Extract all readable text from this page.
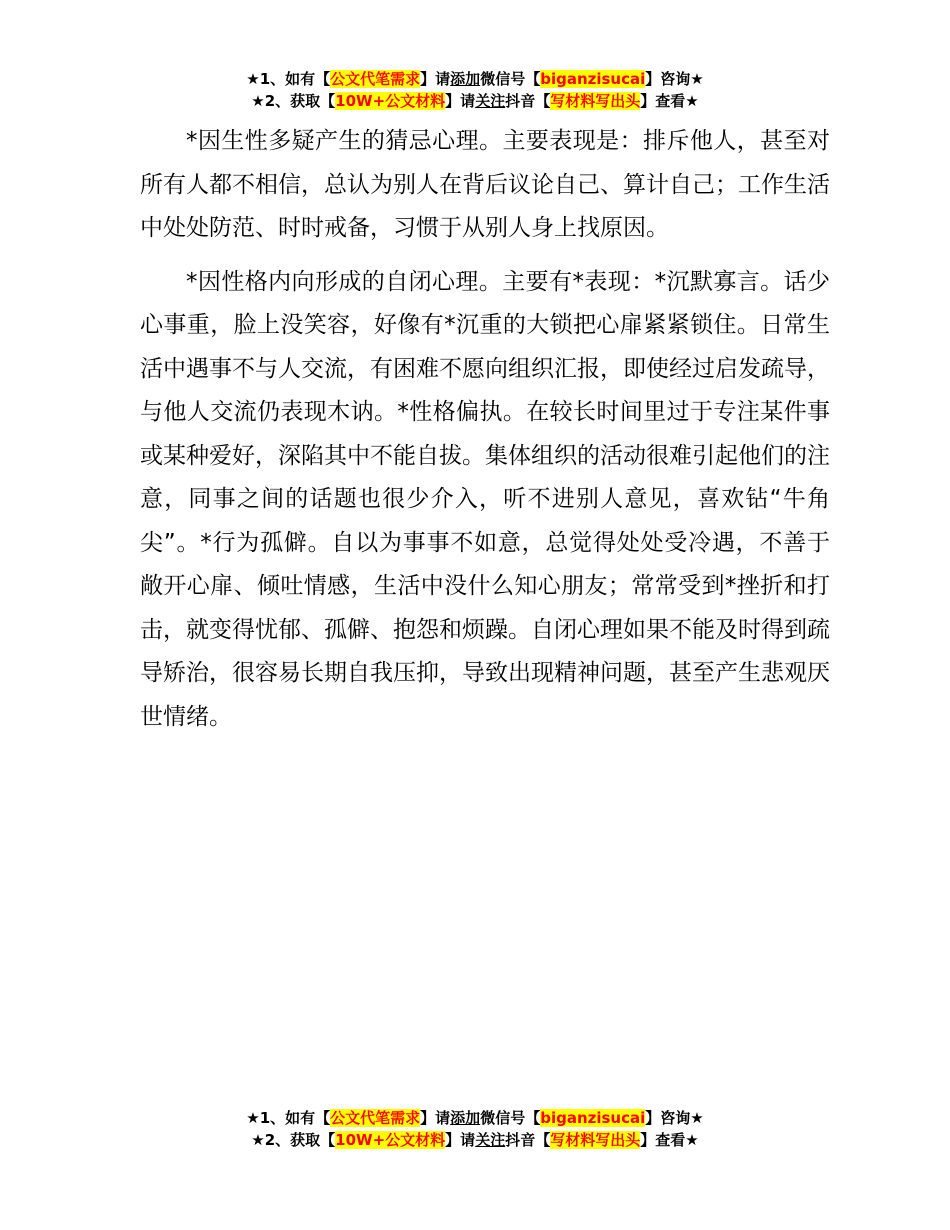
★1、如有【公文代笔需求】请添加微信号【biganzisucai】咨询★
★2、获取【10W+公文材料】请关注抖音【写材料写出头】查看★

*因生性多疑产生的猜忌心理。主要表现是：排斥他人，甚至对所有人都不相信，总认为别人在背后议论自己、算计自己；工作生活中处处防范、时时戒备，习惯于从别人身上找原因。

*因性格内向形成的自闭心理。主要有*表现：*沉默寡言。话少心事重，脸上没笑容，好像有*沉重的大锁把心扉紧紧锁住。日常生活中遇事不与人交流，有困难不愿向组织汇报，即使经过启发疏导，与他人交流仍表现木讷。*性格偏执。在较长时间里过于专注某件事或某种爱好，深陷其中不能自拔。集体组织的活动很难引起他们的注意，同事之间的话题也很少介入，听不进别人意见，喜欢钻“牛角尖”。*行为孤僻。自以为事事不如意，总觉得处处受冷遇，不善于敞开心扉、倾吐情感，生活中没什么知心朋友；常常受到*挫折和打击，就变得忧郁、孤僻、抱怨和烦躁。自闭心理如果不能及时得到疏导矫治，很容易长期自我压抑，导致出现精神问题，甚至产生悲观厌世情绪。

★1、如有【公文代笔需求】请添加微信号【biganzisucai】咨询★
★2、获取【10W+公文材料】请关注抖音【写材料写出头】查看★
